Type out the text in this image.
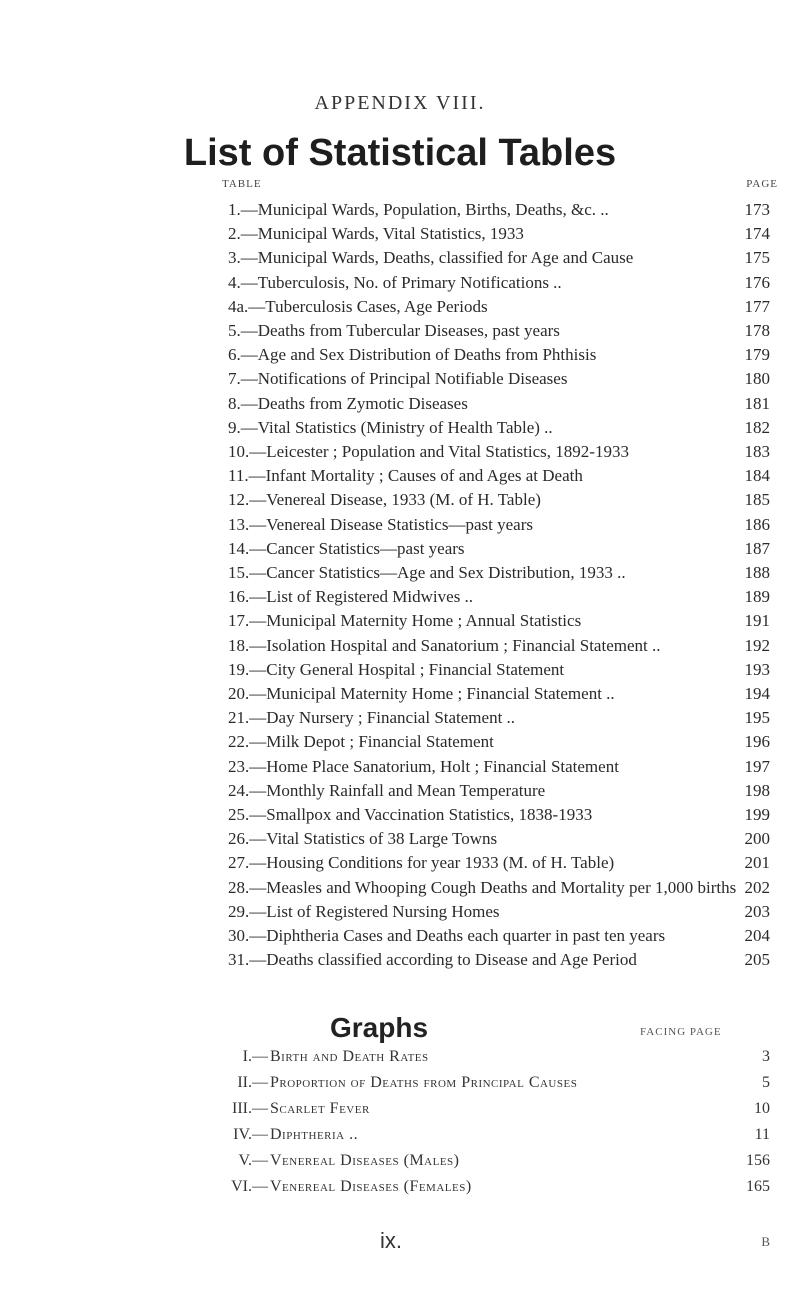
APPENDIX VIII.
List of Statistical Tables
TABLE	PAGE
1.—Municipal Wards, Population, Births, Deaths, &c. ..	173
2.—Municipal Wards, Vital Statistics, 1933	174
3.—Municipal Wards, Deaths, classified for Age and Cause	175
4.—Tuberculosis, No. of Primary Notifications ..	176
4a.—Tuberculosis Cases, Age Periods	177
5.—Deaths from Tubercular Diseases, past years	178
6.—Age and Sex Distribution of Deaths from Phthisis	179
7.—Notifications of Principal Notifiable Diseases	180
8.—Deaths from Zymotic Diseases	181
9.—Vital Statistics (Ministry of Health Table) ..	182
10.—Leicester ; Population and Vital Statistics, 1892-1933	183
11.—Infant Mortality ; Causes of and Ages at Death	184
12.—Venereal Disease, 1933 (M. of H. Table)	185
13.—Venereal Disease Statistics—past years	186
14.—Cancer Statistics—past years	187
15.—Cancer Statistics—Age and Sex Distribution, 1933 ..	188
16.—List of Registered Midwives ..	189
17.—Municipal Maternity Home ; Annual Statistics	191
18.—Isolation Hospital and Sanatorium ; Financial Statement ..	192
19.—City General Hospital ; Financial Statement	193
20.—Municipal Maternity Home ; Financial Statement ..	194
21.—Day Nursery ; Financial Statement ..	195
22.—Milk Depot ; Financial Statement	196
23.—Home Place Sanatorium, Holt ; Financial Statement	197
24.—Monthly Rainfall and Mean Temperature	198
25.—Smallpox and Vaccination Statistics, 1838-1933	199
26.—Vital Statistics of 38 Large Towns	200
27.—Housing Conditions for year 1933 (M. of H. Table)	201
28.—Measles and Whooping Cough Deaths and Mortality per 1,000 births 202
29.—List of Registered Nursing Homes	203
30.—Diphtheria Cases and Deaths each quarter in past ten years	204
31.—Deaths classified according to Disease and Age Period	205
Graphs	FACING PAGE
I.— Birth and Death Rates	3
II.— Proportion of Deaths from Principal Causes	5
III.— Scarlet Fever	10
IV.— Diphtheria ..	11
V.— Venereal Diseases (Males)	156
VI.— Venereal Diseases (Females)	165
ix.	B
